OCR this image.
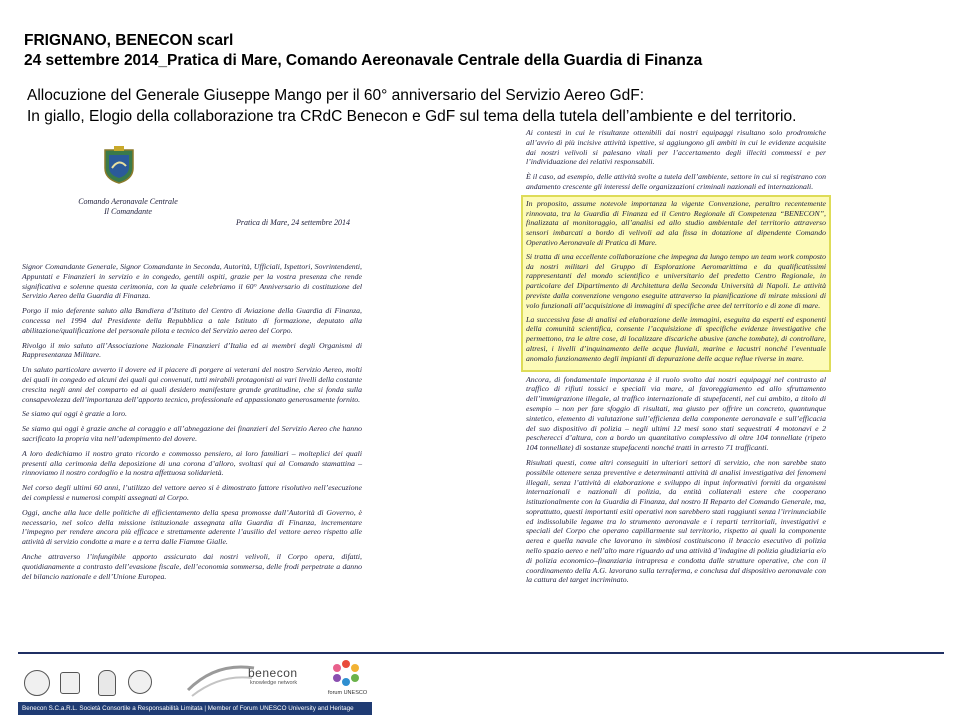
FRIGNANO, BENECON scarl
24 settembre 2014_Pratica di Mare, Comando Aereonavale Centrale della Guardia di Finanza
Allocuzione del Generale Giuseppe Mango per il 60° anniversario del Servizio Aereo GdF:
In giallo, Elogio della collaborazione tra CRdC Benecon e GdF sul tema della tutela dell’ambiente e del territorio.
Comando Aeronavale Centrale
Il Comandante
Pratica di Mare, 24 settembre 2014

Signor Comandante Generale, Signor Comandante in Seconda, Autorità, Ufficiali, Ispettori, Sovrintendenti, Appuntati e Finanzieri in servizio e in congedo, gentili ospiti, grazie per la vostra presenza che rende significativa e solenne questa cerimonia, con la quale celebriamo il 60° Anniversario di costituzione del Servizio Aereo della Guardia di Finanza.

Porgo il mio deferente saluto alla Bandiera d’Istituto del Centro di Aviazione della Guardia di Finanza, concessa nel 1994 dal Presidente della Repubblica a tale Istituto di formazione, deputato alla abilitazione/qualificazione del personale pilota e tecnico del Servizio aereo del Corpo.

Rivolgo il mio saluto all’Associazione Nazionale Finanzieri d’Italia ed ai membri degli Organismi di Rappresentanza Militare.

Un saluto particolare avverto il dovere ed il piacere di porgere ai veterani del nostro Servizio Aereo, molti dei quali in congedo ed alcuni dei quali qui convenuti, tutti mirabili protagonisti ai vari livelli della costante crescita negli anni del comparto ed ai quali desidero manifestare grande gratitudine, che si fonda sulla consapevolezza dell’importanza dell’apporto tecnico, professionale ed appassionato generosamente fornito.

Se siamo qui oggi è grazie a loro.

Se siamo qui oggi è grazie anche al coraggio e all’abnegazione dei finanzieri del Servizio Aereo che hanno sacrificato la propria vita nell’adempimento del dovere.

A loro dedichiamo il nostro grato ricordo e commosso pensiero, ai loro familiari – molteplici dei quali presenti alla cerimonia della deposizione di una corona d’alloro, svoltasi qui al Comando stamattina – rinnoviamo il nostro cordoglio e la nostra affettuosa solidarietà.

Nel corso degli ultimi 60 anni, l’utilizzo del vettore aereo si è dimostrato fattore risolutivo nell’esecuzione dei complessi e numerosi compiti assegnati al Corpo.

Oggi, anche alla luce delle politiche di efficientamento della spesa promosse dall’Autorità di Governo, è necessario, nel solco della missione istituzionale assegnata alla Guardia di Finanza, incrementare l’impegno per rendere ancora più efficace e strettamente aderente l’ausilio del vettore aereo rispetto alle attività di servizio condotte a mare e a terra dalle Fiamme Gialle.

Anche attraverso l’infungibile apporto assicurato dai nostri velivoli, il Corpo opera, difatti, quotidianamente a contrasto dell’evasione fiscale, dell’economia sommersa, delle frodi perpetrate a danno del bilancio nazionale e dell’Unione Europea.

Ai contesti in cui le risultanze ottenibili dai nostri equipaggi risultano solo prodromiche all’avvio di più incisive attività ispettive, si aggiungono gli ambiti in cui le evidenze acquisite dai nostri velivoli si palesano vitali per l’accertamento degli illeciti commessi e per l’individuazione dei relativi responsabili.

È il caso, ad esempio, delle attività svolte a tutela dell’ambiente, settore in cui si registrano con andamento crescente gli interessi delle organizzazioni criminali nazionali ed internazionali.

In proposito, assume notevole importanza la vigente Convenzione, peraltro recentemente rinnovata, tra la Guardia di Finanza ed il Centro Regionale di Competenza “BENECON”, finalizzata al monitoraggio, all’analisi ed allo studio ambientale del territorio attraverso sensori imbarcati a bordo di velivoli ad ala fissa in dotazione al dipendente Comando Operativo Aeronavale di Pratica di Mare.

Si tratta di una eccellente collaborazione che impegna da lungo tempo un team work composto da nostri militari del Gruppo di Esplorazione Aeromarittima e da qualificatissimi rappresentanti del mondo scientifico e universitario del predetto Centro Regionale, in particolare del Dipartimento di Architettura della Seconda Università di Napoli. Le attività previste dalla convenzione vengono eseguite attraverso la pianificazione di mirate missioni di volo funzionali all’acquisizione di immagini di specifiche aree del territorio e di zone di mare.

La successiva fase di analisi ed elaborazione delle immagini, eseguita da esperti ed esponenti della comunità scientifica, consente l’acquisizione di specifiche evidenze investigative che permettono, tra le altre cose, di localizzare discariche abusive (anche tombate), di controllare, altresì, i livelli d’inquinamento delle acque fluviali, marine e lacustri nonché l’eventuale anomalo funzionamento degli impianti di depurazione delle acque reflue riverse in mare.

Ancora, di fondamentale importanza è il ruolo svolto dai nostri equipaggi nel contrasto al traffico di rifiuti tossici e speciali via mare, al favoreggiamento ed allo sfruttamento dell’immigrazione illegale, al traffico internazionale di stupefacenti, nel cui ambito, a titolo di esempio – non per fare sfoggio di risultati, ma giusto per offrire un concreto, quantunque sintetico, elemento di valutazione sull’efficienza della componente aeronavale e sull’efficacia del suo dispositivo di polizia – negli ultimi 12 mesi sono stati sequestrati 4 motonavi e 2 pescherecci d’altura, con a bordo un quantitativo complessivo di oltre 104 tonnellate (ripeto 104 tonnellate) di sostanze stupefacenti nonché tratti in arresto 71 trafficanti.

Risultati questi, come altri conseguiti in ulteriori settori di servizio, che non sarebbe stato possibile ottenere senza preventive e determinanti attività di analisi investigativa dei fenomeni illegali, senza l’attività di elaborazione e sviluppo di input informativi forniti da organismi internazionali e nazionali di polizia, da entità collaterali estere che cooperano istituzionalmente con la Guardia di Finanza, dal nostro II Reparto del Comando Generale, ma, soprattutto, questi importanti esiti operativi non sarebbero stati raggiunti senza l’irrinunciabile ed indissolubile legame tra lo strumento aeronavale e i reparti territoriali, investigativi e speciali del Corpo che operano capillarmente sul territorio, rispetto ai quali la componente aerea e quella navale che lavorano in simbiosi costituiscono il braccio esecutivo di polizia nello spazio aereo e nell’alto mare riguardo ad una attività d’indagine di polizia giudiziaria e/o di polizia economico–finanziaria intrapresa e condotta dalle strutture operative, che con il coordinamento della A.G. lavorano sulla terraferma, e conclusa dal dispositivo aeronavale con la cattura del target incriminato.

benecon
knowledge network
forum UNESCO
Benecon S.C.a.R.L. Società Consortile a Responsabilità Limitata | Member of Forum UNESCO University and Heritage
